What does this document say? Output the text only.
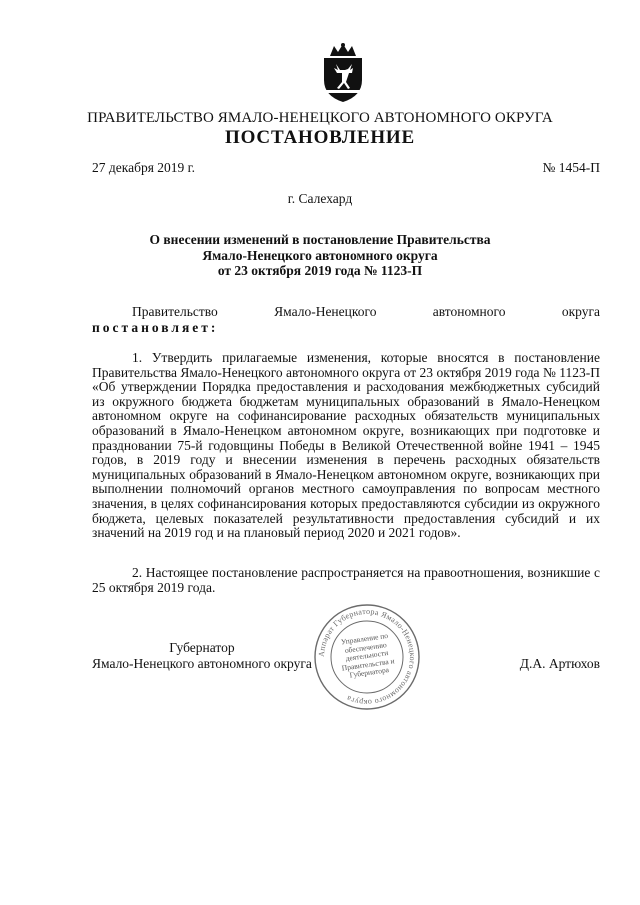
ПРАВИТЕЛЬСТВО ЯМАЛО-НЕНЕЦКОГО АВТОНОМНОГО ОКРУГА
ПОСТАНОВЛЕНИЕ
27 декабря 2019 г.	№ 1454-П
г. Салехард
О внесении изменений в постановление Правительства
Ямало-Ненецкого автономного округа
от 23 октября 2019 года № 1123-П
Правительство	Ямало-Ненецкого	автономного	округа
постановляет:
1. Утвердить прилагаемые изменения, которые вносятся в постановление Правительства Ямало-Ненецкого автономного округа от 23 октября 2019 года № 1123-П «Об утверждении Порядка предоставления и расходования межбюджетных субсидий из окружного бюджета бюджетам муниципальных образований в Ямало-Ненецком автономном округе на софинансирование расходных обязательств муниципальных образований в Ямало-Ненецком автономном округе, возникающих при подготовке и праздновании 75-й годовщины Победы в Великой Отечественной войне 1941 – 1945 годов, в 2019 году и внесении изменения в перечень расходных обязательств муниципальных образований в Ямало-Ненецком автономном округе, возникающих при выполнении полномочий органов местного самоуправления по вопросам местного значения, в целях софинансирования которых предоставляются субсидии из окружного бюджета, целевых показателей результативности предоставления субсидий и их значений на 2019 год и на плановый период 2020 и 2021 годов».
2. Настоящее постановление распространяется на правоотношения, возникшие с 25 октября 2019 года.
Губернатор
Ямало-Ненецкого автономного округа
Аппарат Губернатора Ямало-Ненецкого автономного округа
Управление по обеспечению деятельности Правительства и Губернатора
Д.А. Артюхов
